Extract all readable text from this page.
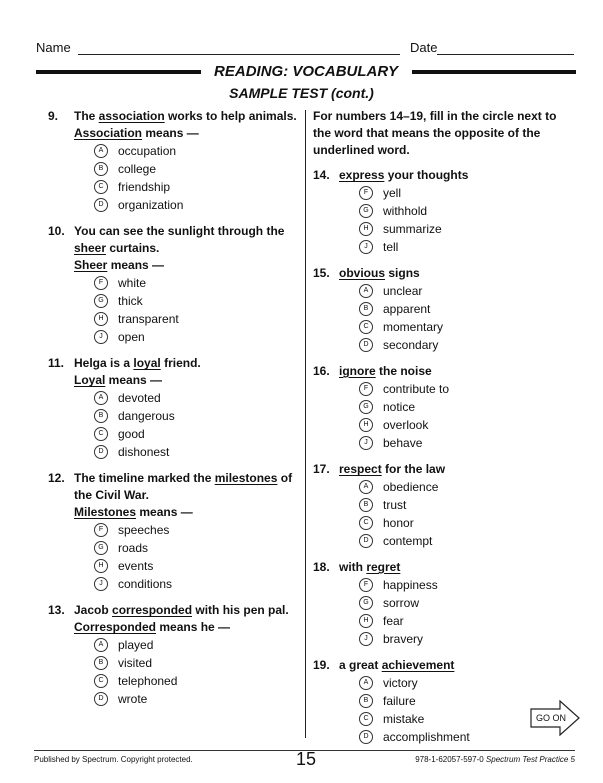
Name	Date
READING: VOCABULARY
SAMPLE TEST (cont.)
9.	The association works to help animals.
Association means —
A	occupation
B	college
C	friendship
D	organization
10. You can see the sunlight through the sheer curtains.
Sheer means —
F	white
G	thick
H	transparent
J	open
11. Helga is a loyal friend.
Loyal means —
A	devoted
B	dangerous
C	good
D	dishonest
12. The timeline marked the milestones of the Civil War.
Milestones means —
F	speeches
G	roads
H	events
J	conditions
13. Jacob corresponded with his pen pal.
Corresponded means he —
A	played
B	visited
C	telephoned
D	wrote
For numbers 14–19, fill in the circle next to the word that means the opposite of the underlined word.
14. express your thoughts
F	yell
G	withhold
H	summarize
J	tell
15. obvious signs
A	unclear
B	apparent
C	momentary
D	secondary
16. ignore the noise
F	contribute to
G	notice
H	overlook
J	behave
17. respect for the law
A	obedience
B	trust
C	honor
D	contempt
18. with regret
F	happiness
G	sorrow
H	fear
J	bravery
19. a great achievement
A	victory
B	failure
C	mistake
D	accomplishment
GO ON
Published by Spectrum. Copyright protected.	15	978-1-62057-597-0 Spectrum Test Practice 5
